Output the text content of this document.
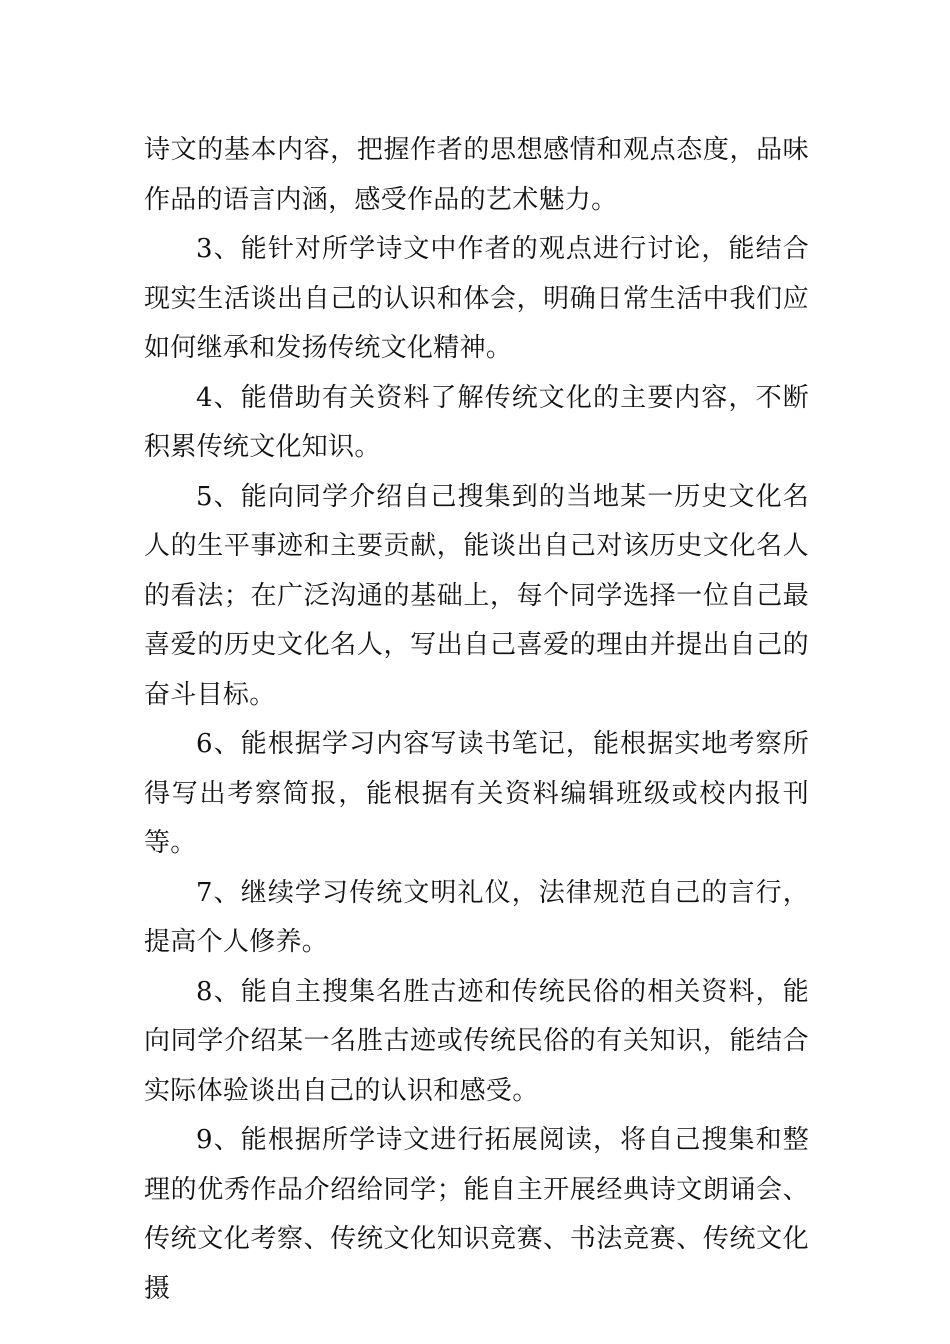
诗文的基本内容，把握作者的思想感情和观点态度，品味作品的语言内涵，感受作品的艺术魅力。

3、能针对所学诗文中作者的观点进行讨论，能结合现实生活谈出自己的认识和体会，明确日常生活中我们应如何继承和发扬传统文化精神。

4、能借助有关资料了解传统文化的主要内容，不断积累传统文化知识。

5、能向同学介绍自己搜集到的当地某一历史文化名人的生平事迹和主要贡献，能谈出自己对该历史文化名人的看法；在广泛沟通的基础上，每个同学选择一位自己最喜爱的历史文化名人，写出自己喜爱的理由并提出自己的奋斗目标。

6、能根据学习内容写读书笔记，能根据实地考察所得写出考察简报，能根据有关资料编辑班级或校内报刊等。

7、继续学习传统文明礼仪，法律规范自己的言行，提高个人修养。

8、能自主搜集名胜古迹和传统民俗的相关资料，能向同学介绍某一名胜古迹或传统民俗的有关知识，能结合实际体验谈出自己的认识和感受。

9、能根据所学诗文进行拓展阅读，将自己搜集和整理的优秀作品介绍给同学；能自主开展经典诗文朗诵会、传统文化考察、传统文化知识竞赛、书法竞赛、传统文化摄
